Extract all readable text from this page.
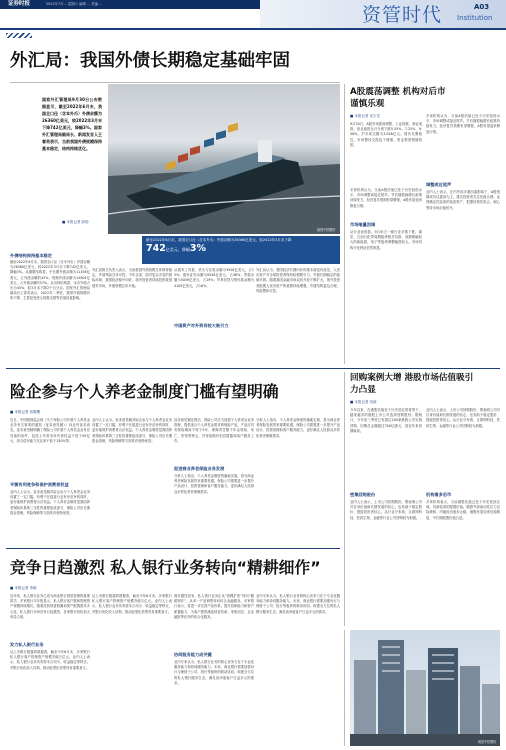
证券时报	2022年7月... 星期六 编辑 ... 美编 ...	资管时代	A03
Institution
外汇局：我国外债长期稳定基础牢固
国家外汇管理局9月30日公布数据显示，截至2022年6月末，我国全口径（含本外币）外债余额为26360亿美元，较2022年3月末下降742亿美元，降幅3%。国家外汇管理局副局长、新闻发言人王春英表示，当前我国外债规模保持基本稳定，结构持续优化。
■ 本报记者 彭勃
视觉中国图片
截至2022年6月末，我国全口径（含本外币）外债余额为26360亿美元，较2022年3月末下降
742亿美元，降幅3%
外债结构保持基本稳定
截至2022年6月末，我国全口径（含本外币）外债余额为26360亿美元，较2022年3月末下降742亿美元，降幅3%。从期限结构看，中长期外债余额为11456亿美元，占外债余额的43%；短期外债余额为14904亿美元，占外债余额的57%。从币种结构看，本币外债占比为45%，较3月末下降2个百分点。国家外汇管理局副局长王春英表示，2022年二季度，我国外债规模有所下降，主要是受美元指数走强等估值因素影响。
外汇局相关负责人表示，当前我国外债规模总体保持稳定，外债风险总体可控。今年以来，面对复杂多变的国际环境，我国经济稳中向好，境外投资者持续投资我国债券市场，外债规模总体平稳。
从债务工具看，货币与存款余额为3928亿美元，占15%；债务证券余额为9526亿美元，占36%；贷款余额为5059亿美元，占19%；贸易信贷与预付款余额为4105亿美元，占16%。
中国资产对外资有较大吸引力
外汇局认为，我国经济长期向好的基本面没有改变，人民币资产对全球投资者保持较强吸引力，外债长期稳定的基础牢固。随着我国金融市场双向开放不断扩大，境外投资者配置人民币资产的意愿持续增强，外债结构更趋合理，风险整体可控。
A股震荡调整 机构对后市谨慎乐观
■ 本报记者 吴少龙
9月30日，A股市场震荡调整，上证指数、深证成指、创业板指全月分别下跌5.55%、7.25%、9.48%，沪市成交额为3,048亿元。国庆长假临近，市场整体交投趋于谨慎，资金观望情绪较浓。
多家机构认为，当前A股估值已处于历史较低水平，市场调整或接近尾声。节后随着稳增长政策持续发力，经济复苏预期有望增强，A股有望迎来修复行情。
市场缩量回调
从行业表现看，9月申万一级行业多数下跌，煤炭、石油石化等周期板块相对抗跌，前期涨幅较大的新能源、电子等板块调整幅度较大。市场结构分化特征依然明显。
多家机构认为，当前A股估值已处于历史较低水平，市场调整或接近尾声。节后随着稳增长政策持续发力，经济复苏预期有望增强，A股有望迎来修复行情。
调整或近尾声
业内人士表示，在内外部多重因素影响下，A股短期或仍以震荡为主。建议投资者关注估值合理、业绩确定性较高的优质资产，把握结构性机会，耐心等待市场企稳回升。
回购案例大增 港股市场估值吸引力凸显
■ 本报记者 吴琼
今年以来，在港股估值处于历史低位的背景下，越来越多的港股上市公司选择回购股份。据统计，今年前三季度已有超过200家港股公司实施回购，回购总金额超过700亿港元，创近年来同期新高。
密集回购股份
业内人士表示，上市公司回购股份，既表明公司对自身价值和长期发展的信心，也有助于稳定股价、提振投资者信心。从行业分布看，互联网科技、医药生物、金融等行业公司回购较为积极。
业内人士表示，上市公司回购股份，既表明公司对自身价值和长期发展的信心，也有助于稳定股价、提振投资者信心。从行业分布看，互联网科技、医药生物、金融等行业公司回购较为积极。
机构看多后市
多家机构表示，当前港股估值已处于历史底部区域，具备较高的配置价值。随着外部流动性压力边际缓和、内地经济逐步企稳，港股有望迎来估值修复，中长期配置价值凸显。
险企参与个人养老金制度门槛有望明确
■ 本报记者 邓雄鹰
近日，中国银保监会就《关于保险公司开展个人养老金业务有关事项的通知（征求意见稿）》向业内征求意见。征求意见稿明确了保险公司开展个人养老金业务应具备的条件，包括上年度末所有者权益不低于50亿元、综合偿付能力充足率不低于150%等。
平衡有利竞争和保护消费者权益
业内人士认为，征求意见稿对险企参与个人养老金业务设置了一定门槛，有利于在促进行业有序竞争的同时，更好地保护消费者合法权益。个人养老金制度是我国养老保险体系第三支柱的重要组成部分，保险公司在长期资金管理、风险保障等方面具有独特优势。
业内人士认为，征求意见稿对险企参与个人养老金业务设置了一定门槛，有利于在促进行业有序竞争的同时，更好地保护消费者合法权益。个人养老金制度是我国养老保险体系第三支柱的重要组成部分，保险公司在长期资金管理、风险保障等方面具有独特优势。
征求意见稿还提出，保险公司应当加强个人养老金业务管理，提供适合个人养老金需求的保险产品，产品应具有保险期间不短于5年、保障责任限于年金领取、死亡、伤残等特点，并持续做好信息披露和客户服务工作。
促进商业养老保险业务发展
分析人士指出，个人养老金制度的落地实施，将为商业养老保险发展带来重要机遇。保险公司需要进一步提升产品设计、投资管理和客户服务能力，更好满足人民群众多样化养老保障需求。
分析人士指出，个人养老金制度的落地实施，将为商业养老保险发展带来重要机遇。保险公司需要进一步提升产品设计、投资管理和客户服务能力，更好满足人民群众多样化养老保障需求。
竞争日趋激烈 私人银行业务转向“精耕细作”
■ 本报记者 李颖
近年来，私人银行业务已成为商业银行财富管理的重要抓手。多家银行半年报显示，私人银行客户数和管理资产规模持续增长。随着居民财富积累和资产配置需求多元化，私人银行市场竞争日趋激烈，各家银行纷纷加大布局力度。
发力私人银行业务
从上市银行披露的数据看，截至今年6月末，多家银行私人银行客户管理资产规模突破万亿元。业内人士表示，私人银行业务具有资本占用少、收益稳定等特点，对银行优化收入结构、推动轻型化转型具有重要意义。
从上市银行披露的数据看，截至今年6月末，多家银行私人银行客户管理资产规模突破万亿元。业内人士表示，私人银行业务具有资本占用少、收益稳定等特点，对银行优化收入结构、推动轻型化转型具有重要意义。
面对激烈竞争，私人银行业务正从“规模扩张”转向“精耕细作”，从单一产品销售转向综合金融服务。多家银行表示，将进一步完善产品体系，提升投研能力和资产配置能力，为客户提供涵盖财富传承、家族信托、企业融资等在内的综合化服务。
协同服务能力成关键
业内专家认为，私人银行业务的核心竞争力在于专业化服务能力和协同服务能力。未来，商业银行需要加强母行与理财子公司、投行等板块的联动协同，构建全方位的私人银行服务生态，满足高净值客户日益多元的需求。
业内专家认为，私人银行业务的核心竞争力在于专业化服务能力和协同服务能力。未来，商业银行需要加强母行与理财子公司、投行等板块的联动协同，构建全方位的私人银行服务生态，满足高净值客户日益多元的需求。
视觉中国图片
